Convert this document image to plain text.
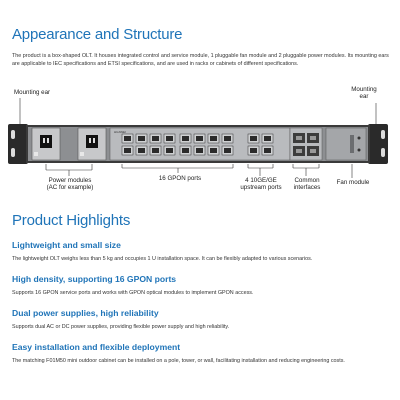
Appearance and Structure
The product is a box-shaped OLT. It houses integrated control and service module, 1 pluggable fan module and 2 pluggable power modules. Its mounting ears are applicable to IEC specifications and ETSI specifications, and are used in racks or cabinets of different specifications.
Mounting ear	Mounting
ear
HUAWEI
Power modules
(AC for example)
16 GPON ports	4 10GE/GE
upstream ports
Common
interfaces
Fan module
Product Highlights
Lightweight and small size
The lightweight OLT weighs less than 5 kg and occupies 1 U installation space. It can be flexibly adapted to various scenarios.
High density, supporting 16 GPON ports
Supports 16 GPON service ports and works with GPON optical modules to implement GPON access.
Dual power supplies, high reliability
Supports dual AC or DC power supplies, providing flexible power supply and high reliability.
Easy installation and flexible deployment
The matching F01M50 mini outdoor cabinet can be installed on a pole, tower, or wall, facilitating installation and reducing engineering costs.
